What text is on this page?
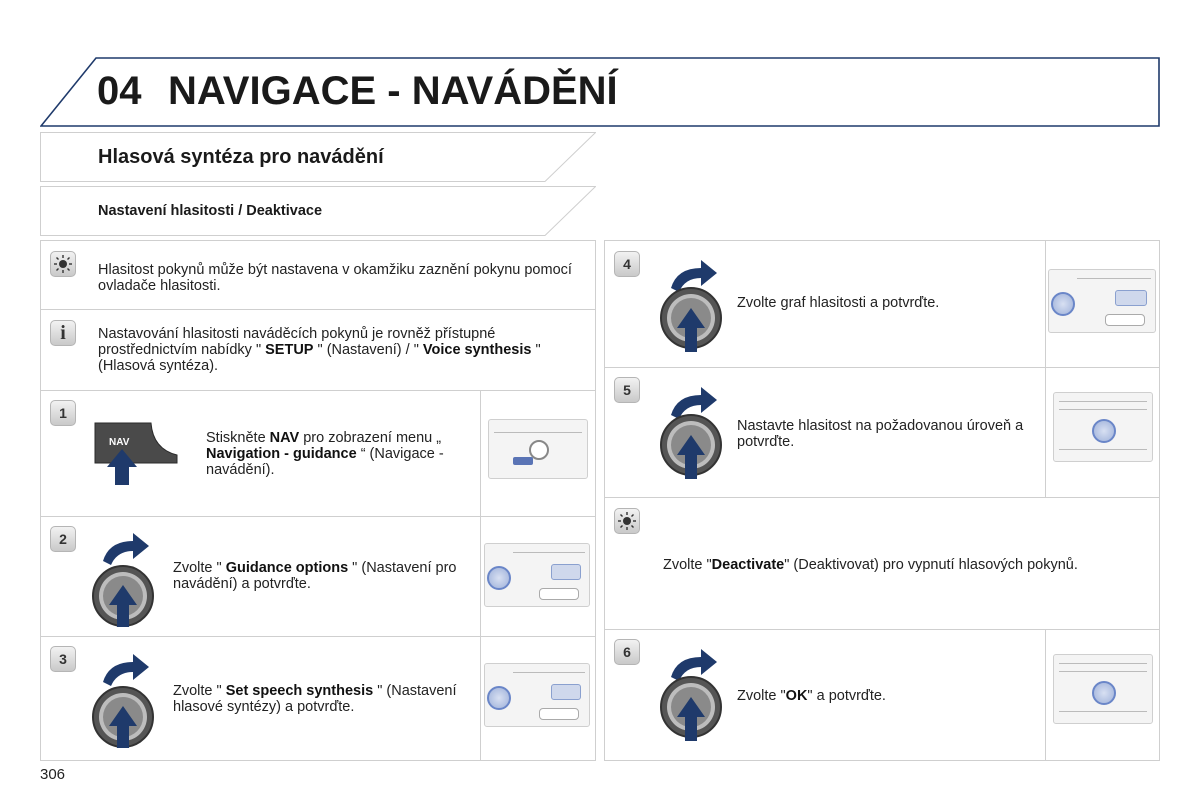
04 NAVIGACE - NAVÁDĚNÍ
Hlasová syntéza pro navádění
Nastavení hlasitosti / Deaktivace
Hlasitost pokynů může být nastavena v okamžiku zaznění pokynu pomocí ovladače hlasitosti.
i	Nastavování hlasitosti naváděcích pokynů je rovněž přístupné prostřednictvím nabídky " SETUP " (Nastavení) / " Voice synthesis " (Hlasová syntéza).
1
NAV	Stiskněte NAV pro zobrazení menu „ Navigation - guidance “ (Navigace - navádění).
2
Zvolte " Guidance options " (Nastavení pro navádění) a potvrďte.
3
Zvolte " Set speech synthesis " (Nastavení hlasové syntézy) a potvrďte.
4
Zvolte graf hlasitosti a potvrďte.
5
Nastavte hlasitost na požadovanou úroveň a potvrďte.
Zvolte "Deactivate" (Deaktivovat) pro vypnutí hlasových pokynů.
6
Zvolte "OK" a potvrďte.
306
